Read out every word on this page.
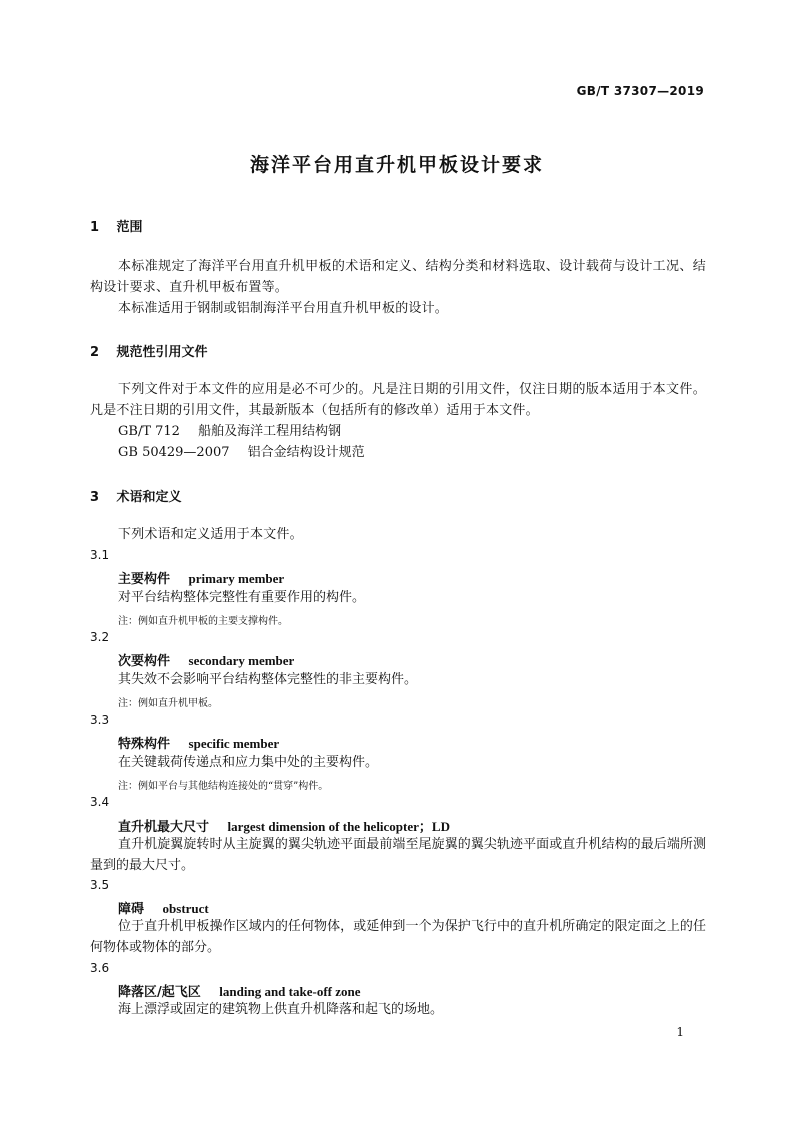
GB/T 37307—2019
海洋平台用直升机甲板设计要求
1 范围
本标准规定了海洋平台用直升机甲板的术语和定义、结构分类和材料选取、设计载荷与设计工况、结构设计要求、直升机甲板布置等。
本标准适用于钢制或铝制海洋平台用直升机甲板的设计。
2 规范性引用文件
下列文件对于本文件的应用是必不可少的。凡是注日期的引用文件，仅注日期的版本适用于本文件。凡是不注日期的引用文件，其最新版本（包括所有的修改单）适用于本文件。
GB/T 712 船舶及海洋工程用结构钢
GB 50429—2007 铝合金结构设计规范
3 术语和定义
下列术语和定义适用于本文件。
3.1
主要构件 primary member
对平台结构整体完整性有重要作用的构件。
注：例如直升机甲板的主要支撑构件。
3.2
次要构件 secondary member
其失效不会影响平台结构整体完整性的非主要构件。
注：例如直升机甲板。
3.3
特殊构件 specific member
在关键载荷传递点和应力集中处的主要构件。
注：例如平台与其他结构连接处的“贯穿”构件。
3.4
直升机最大尺寸 largest dimension of the helicopter；LD
直升机旋翼旋转时从主旋翼的翼尖轨迹平面最前端至尾旋翼的翼尖轨迹平面或直升机结构的最后端所测量到的最大尺寸。
3.5
障碍 obstruct
位于直升机甲板操作区域内的任何物体，或延伸到一个为保护飞行中的直升机所确定的限定面之上的任何物体或物体的部分。
3.6
降落区/起飞区 landing and take-off zone
海上漂浮或固定的建筑物上供直升机降落和起飞的场地。
1
